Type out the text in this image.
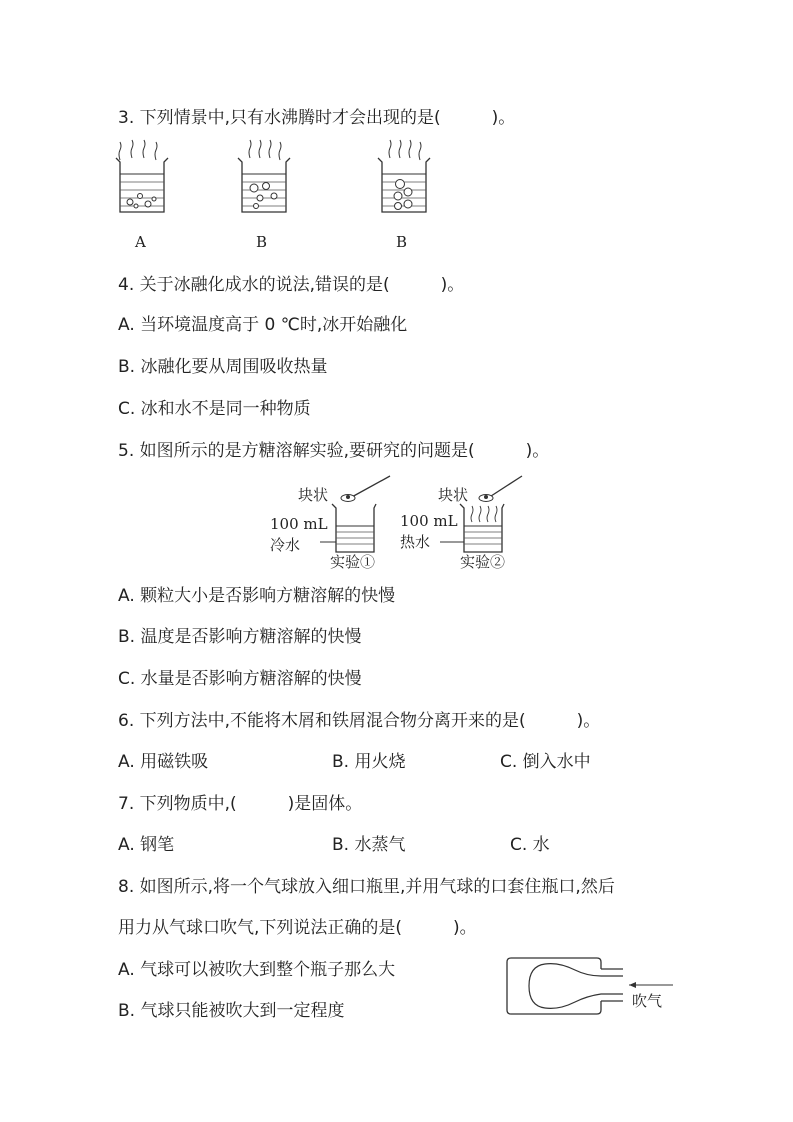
3. 下列情景中,只有水沸腾时才会出现的是(　　　)。
A	B	B
4. 关于冰融化成水的说法,错误的是(　　　)。
A. 当环境温度高于 0 ℃时,冰开始融化
B. 冰融化要从周围吸收热量
C. 冰和水不是同一种物质
5. 如图所示的是方糖溶解实验,要研究的问题是(　　　)。
块状
100 mL
冷水
实验①
块状
100 mL
热水
实验②
A. 颗粒大小是否影响方糖溶解的快慢
B. 温度是否影响方糖溶解的快慢
C. 水量是否影响方糖溶解的快慢
6. 下列方法中,不能将木屑和铁屑混合物分离开来的是(　　　)。
A. 用磁铁吸	B. 用火烧	C. 倒入水中
7. 下列物质中,(　　　)是固体。
A. 钢笔	B. 水蒸气	C. 水
8. 如图所示,将一个气球放入细口瓶里,并用气球的口套住瓶口,然后
用力从气球口吹气,下列说法正确的是(　　　)。
A. 气球可以被吹大到整个瓶子那么大
B. 气球只能被吹大到一定程度	吹气
